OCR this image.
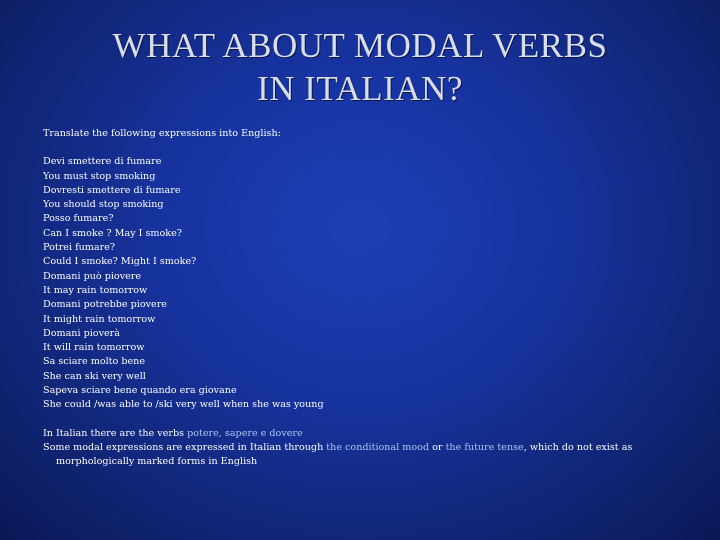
WHAT ABOUT MODAL VERBS
IN ITALIAN?

Translate the following expressions into English:

Devi smettere di fumare
You must stop smoking
Dovresti smettere di fumare
You should stop smoking
Posso fumare?
Can I smoke ? May I smoke?
Potrei fumare?
Could I smoke? Might I smoke?
Domani può piovere
It may rain tomorrow
Domani potrebbe piovere
It might rain tomorrow
Domani pioverà
It will rain tomorrow
Sa sciare molto bene
She can ski very well
Sapeva sciare bene quando era giovane
She could /was able to /ski very well when she was young

In Italian there are the verbs potere, sapere e dovere

Some modal expressions are expressed in Italian through the conditional mood or the future tense, which do not exist as morphologically marked forms in English
